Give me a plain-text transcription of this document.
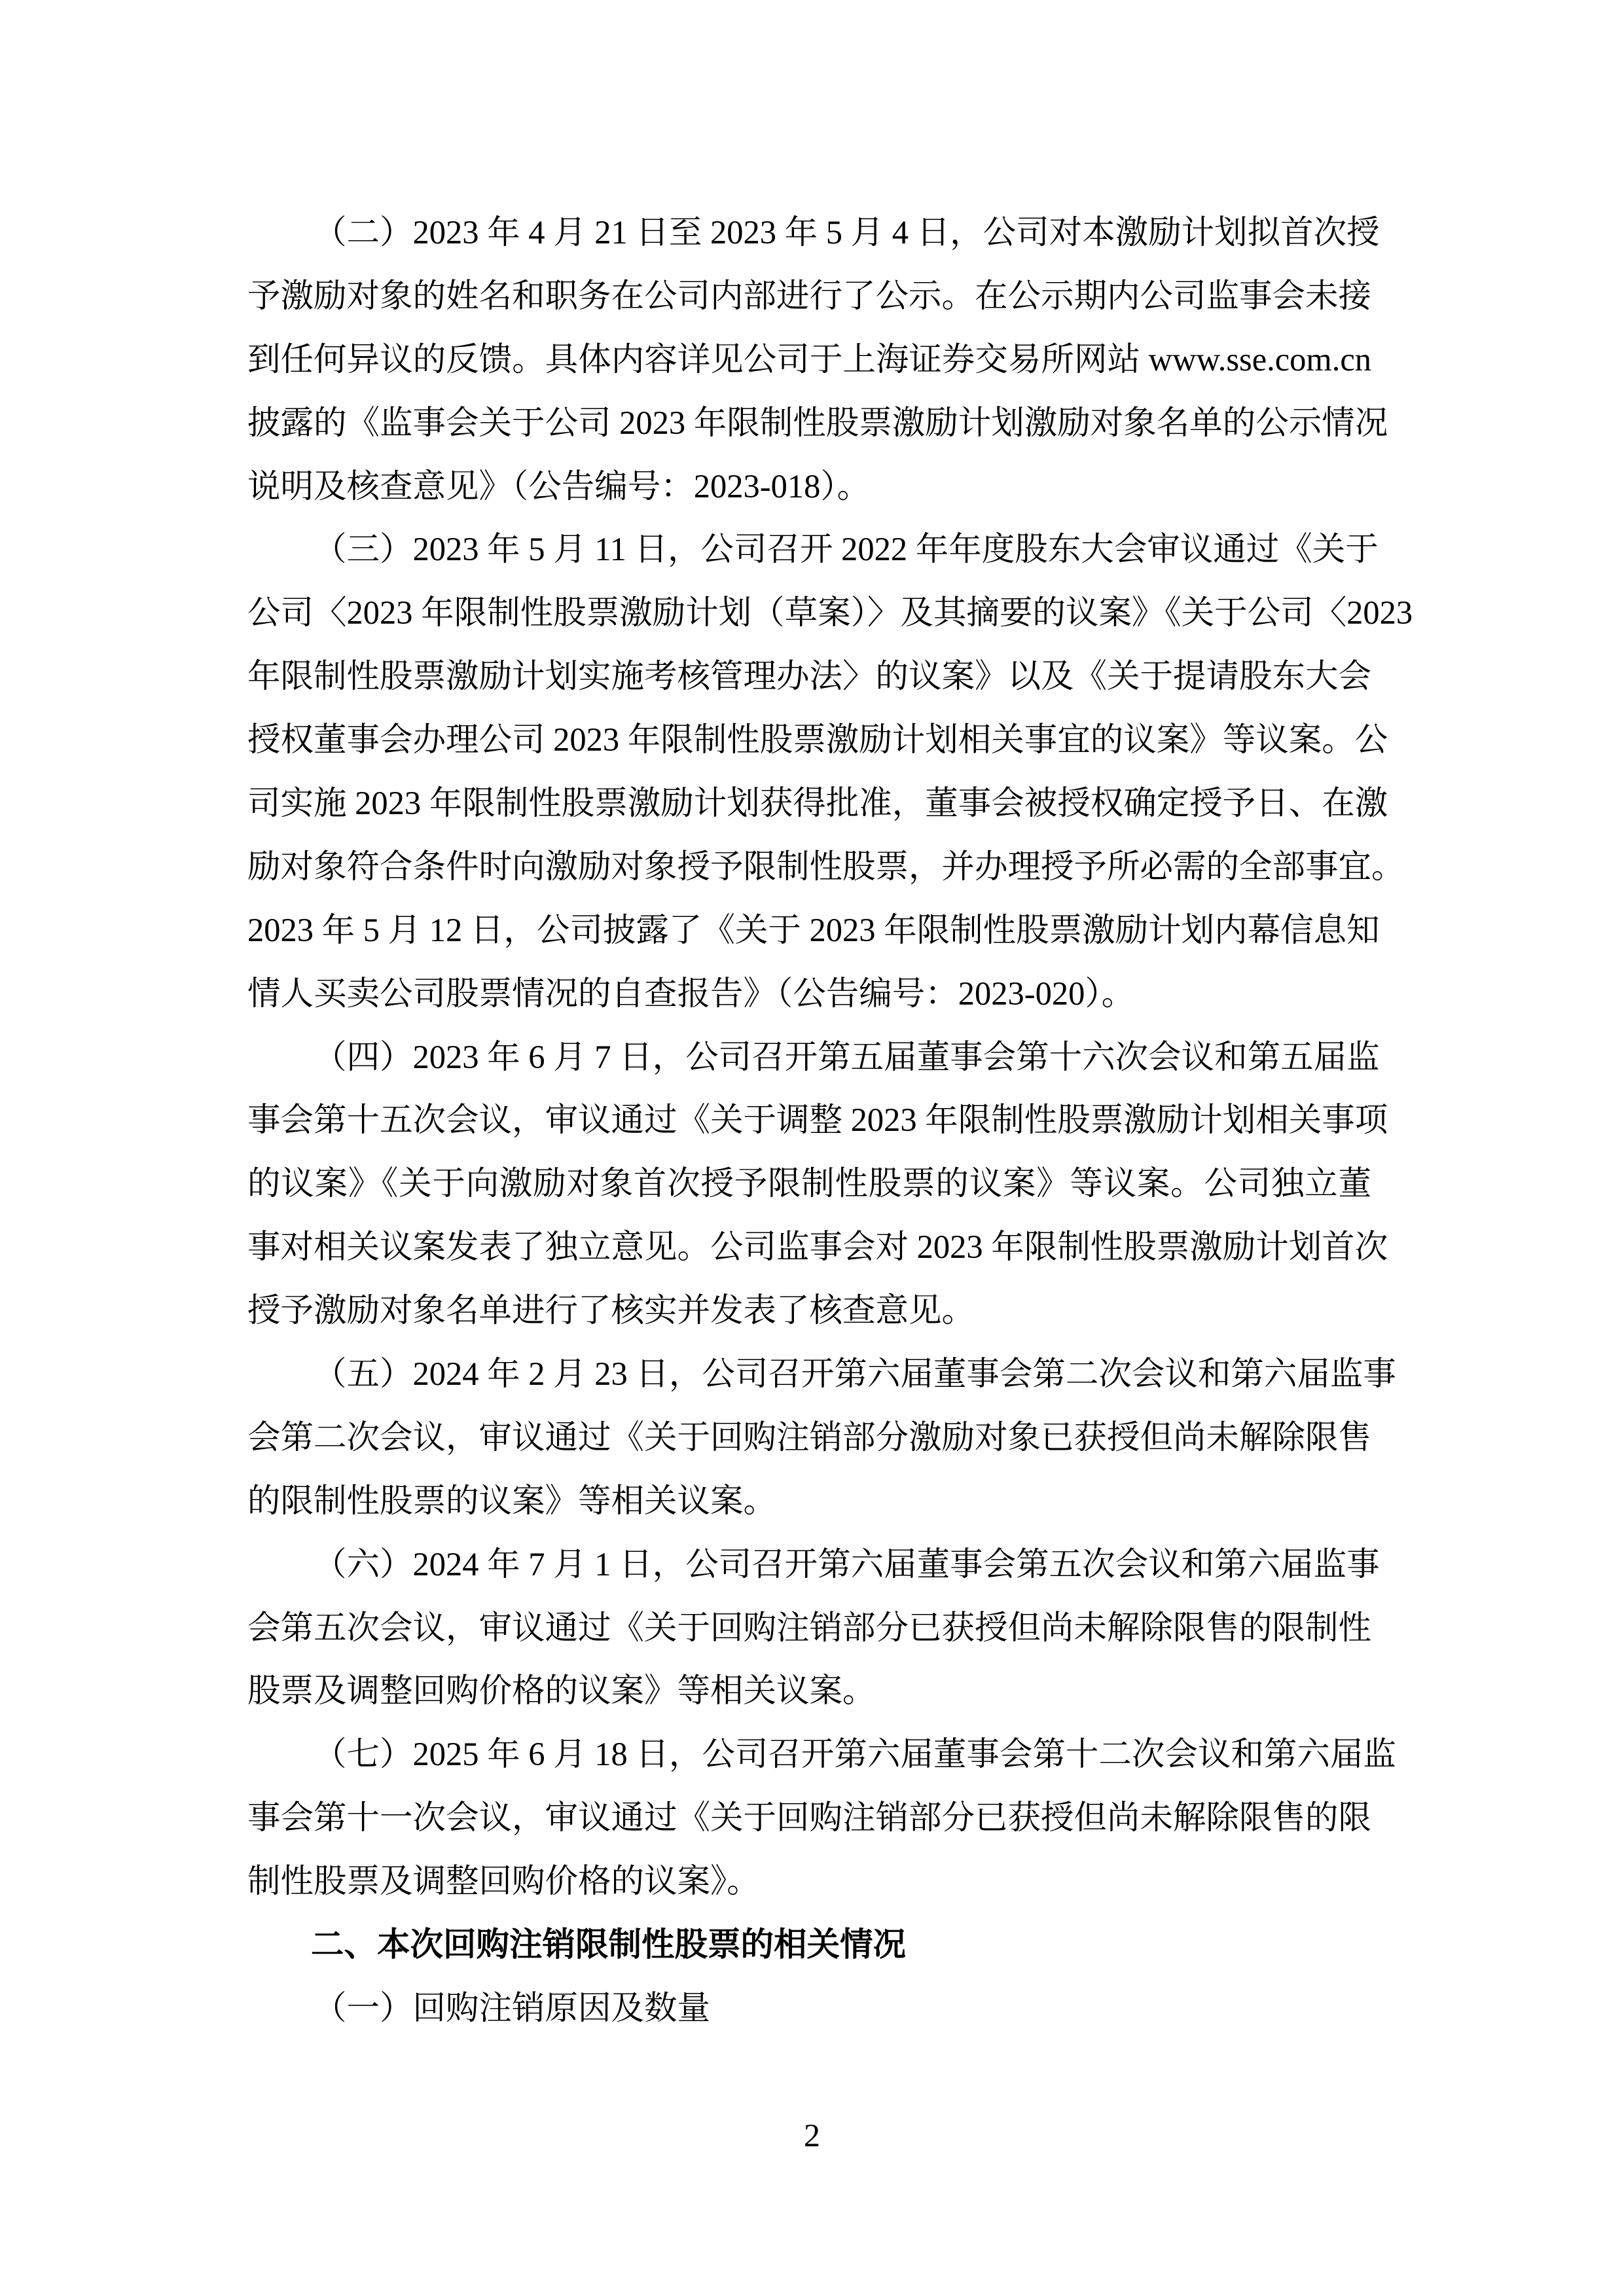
（二）2023 年 4 月 21 日至 2023 年 5 月 4 日，公司对本激励计划拟首次授
予激励对象的姓名和职务在公司内部进行了公示。在公示期内公司监事会未接
到任何异议的反馈。具体内容详见公司于上海证券交易所网站 www.sse.com.cn
披露的《监事会关于公司 2023 年限制性股票激励计划激励对象名单的公示情况
说明及核查意见》（公告编号：2023-018）。
（三）2023 年 5 月 11 日，公司召开 2022 年年度股东大会审议通过《关于
公司〈2023 年限制性股票激励计划（草案）〉及其摘要的议案》《关于公司〈2023
年限制性股票激励计划实施考核管理办法〉的议案》以及《关于提请股东大会
授权董事会办理公司 2023 年限制性股票激励计划相关事宜的议案》等议案。公
司实施 2023 年限制性股票激励计划获得批准，董事会被授权确定授予日、在激
励对象符合条件时向激励对象授予限制性股票，并办理授予所必需的全部事宜。
2023 年 5 月 12 日，公司披露了《关于 2023 年限制性股票激励计划内幕信息知
情人买卖公司股票情况的自查报告》（公告编号：2023-020）。
（四）2023 年 6 月 7 日，公司召开第五届董事会第十六次会议和第五届监
事会第十五次会议，审议通过《关于调整 2023 年限制性股票激励计划相关事项
的议案》《关于向激励对象首次授予限制性股票的议案》等议案。公司独立董
事对相关议案发表了独立意见。公司监事会对 2023 年限制性股票激励计划首次
授予激励对象名单进行了核实并发表了核查意见。
（五）2024 年 2 月 23 日，公司召开第六届董事会第二次会议和第六届监事
会第二次会议，审议通过《关于回购注销部分激励对象已获授但尚未解除限售
的限制性股票的议案》等相关议案。
（六）2024 年 7 月 1 日，公司召开第六届董事会第五次会议和第六届监事
会第五次会议，审议通过《关于回购注销部分已获授但尚未解除限售的限制性
股票及调整回购价格的议案》等相关议案。
（七）2025 年 6 月 18 日，公司召开第六届董事会第十二次会议和第六届监
事会第十一次会议，审议通过《关于回购注销部分已获授但尚未解除限售的限
制性股票及调整回购价格的议案》。
二、本次回购注销限制性股票的相关情况
（一）回购注销原因及数量
2
